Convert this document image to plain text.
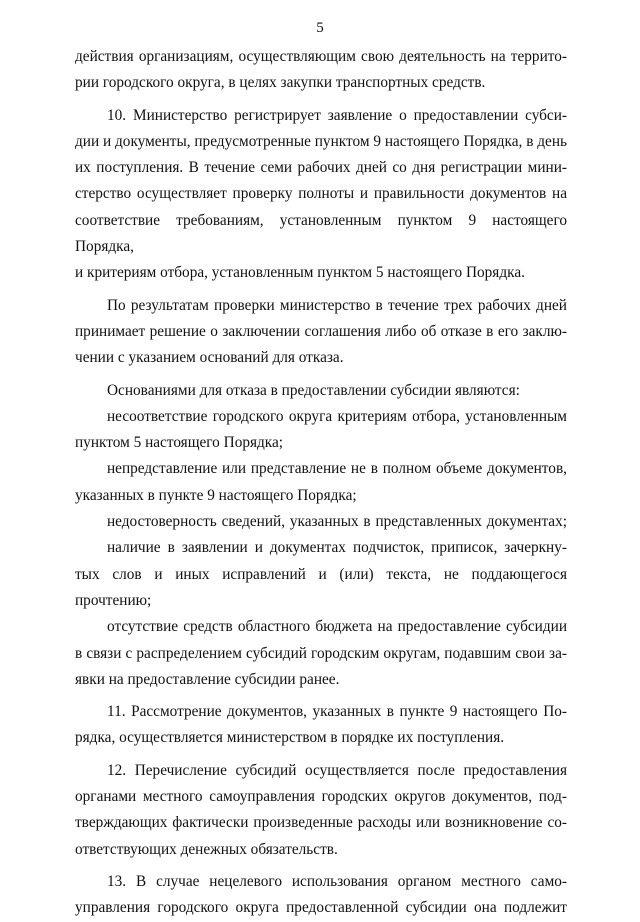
5
действия организациям, осуществляющим свою деятельность на террито-
рии городского округа, в целях закупки транспортных средств.
10. Министерство регистрирует заявление о предоставлении субси-
дии и документы, предусмотренные пунктом 9 настоящего Порядка, в день
их поступления. В течение семи рабочих дней со дня регистрации мини-
стерство осуществляет проверку полноты и правильности документов на
соответствие требованиям, установленным пунктом 9 настоящего Порядка,
и критериям отбора, установленным пунктом 5 настоящего Порядка.
По результатам проверки министерство в течение трех рабочих дней
принимает решение о заключении соглашения либо об отказе в его заклю-
чении с указанием оснований для отказа.
Основаниями для отказа в предоставлении субсидии являются:
несоответствие городского округа критериям отбора, установленным
пунктом 5 настоящего Порядка;
непредставление или представление не в полном объеме документов,
указанных в пункте 9 настоящего Порядка;
недостоверность сведений, указанных в представленных документах;
наличие в заявлении и документах подчисток, приписок, зачеркну-
тых слов и иных исправлений и (или) текста, не поддающегося прочтению;
отсутствие средств областного бюджета на предоставление субсидии
в связи с распределением субсидий городским округам, подавшим свои за-
явки на предоставление субсидии ранее.
11. Рассмотрение документов, указанных в пункте 9 настоящего По-
рядка, осуществляется министерством в порядке их поступления.
12. Перечисление субсидий осуществляется после предоставления
органами местного самоуправления городских округов документов, под-
тверждающих фактически произведенные расходы или возникновение со-
ответствующих денежных обязательств.
13. В случае нецелевого использования органом местного само-
управления городского округа предоставленной субсидии она подлежит
